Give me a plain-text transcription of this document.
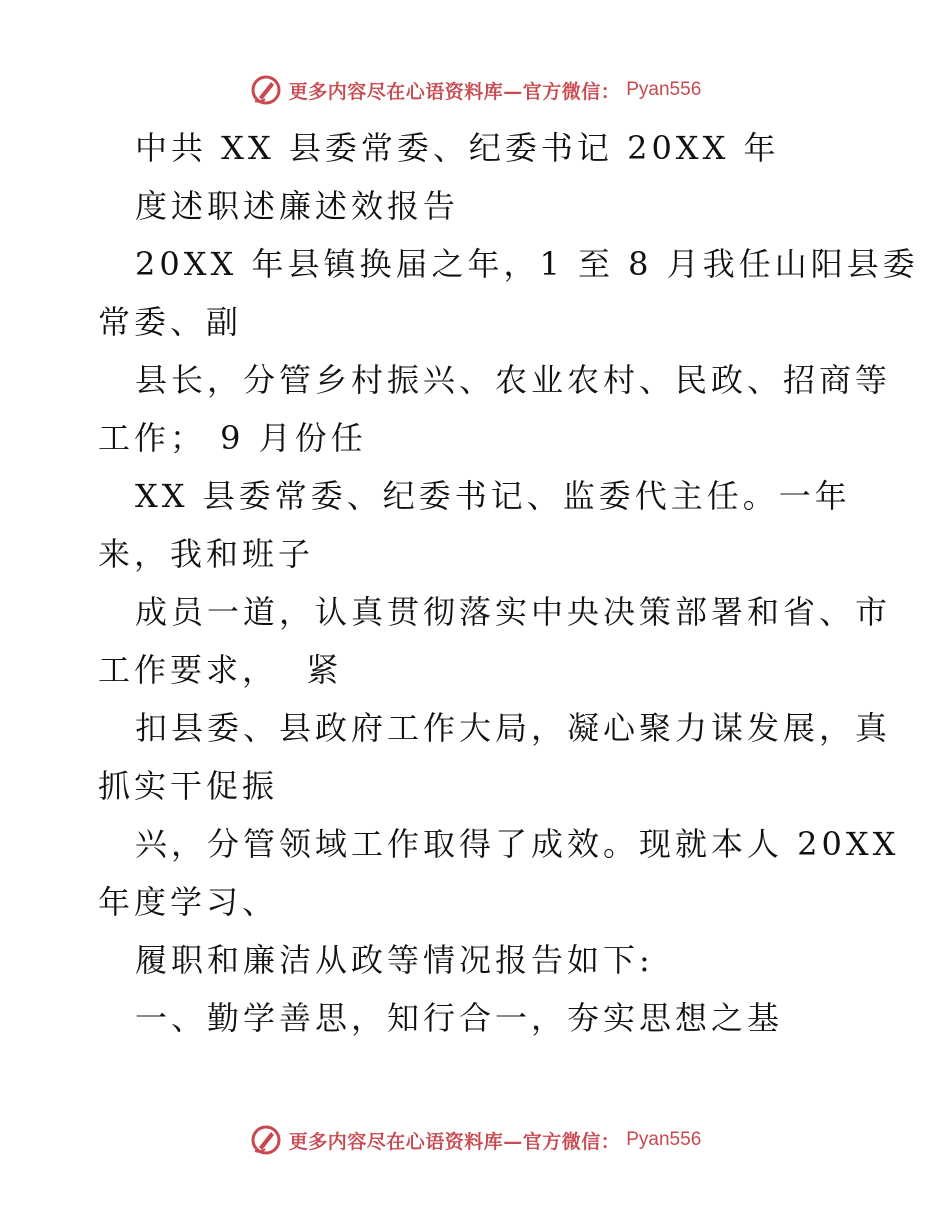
更多内容尽在心语资料库—官方微信： Pyan556
中共 XX 县委常委、纪委书记 20XX 年
度述职述廉述效报告
20XX 年县镇换届之年，1 至 8 月我任山阳县委
常委、副
县长，分管乡村振兴、农业农村、民政、招商等
工作； 9 月份任
XX 县委常委、纪委书记、监委代主任。一年
来，我和班子
成员一道，认真贯彻落实中央决策部署和省、市
工作要求，  紧
扣县委、县政府工作大局，凝心聚力谋发展，真
抓实干促振
兴，分管领域工作取得了成效。现就本人 20XX
年度学习、
履职和廉洁从政等情况报告如下:
一、勤学善思，知行合一，夯实思想之基
更多内容尽在心语资料库—官方微信： Pyan556
